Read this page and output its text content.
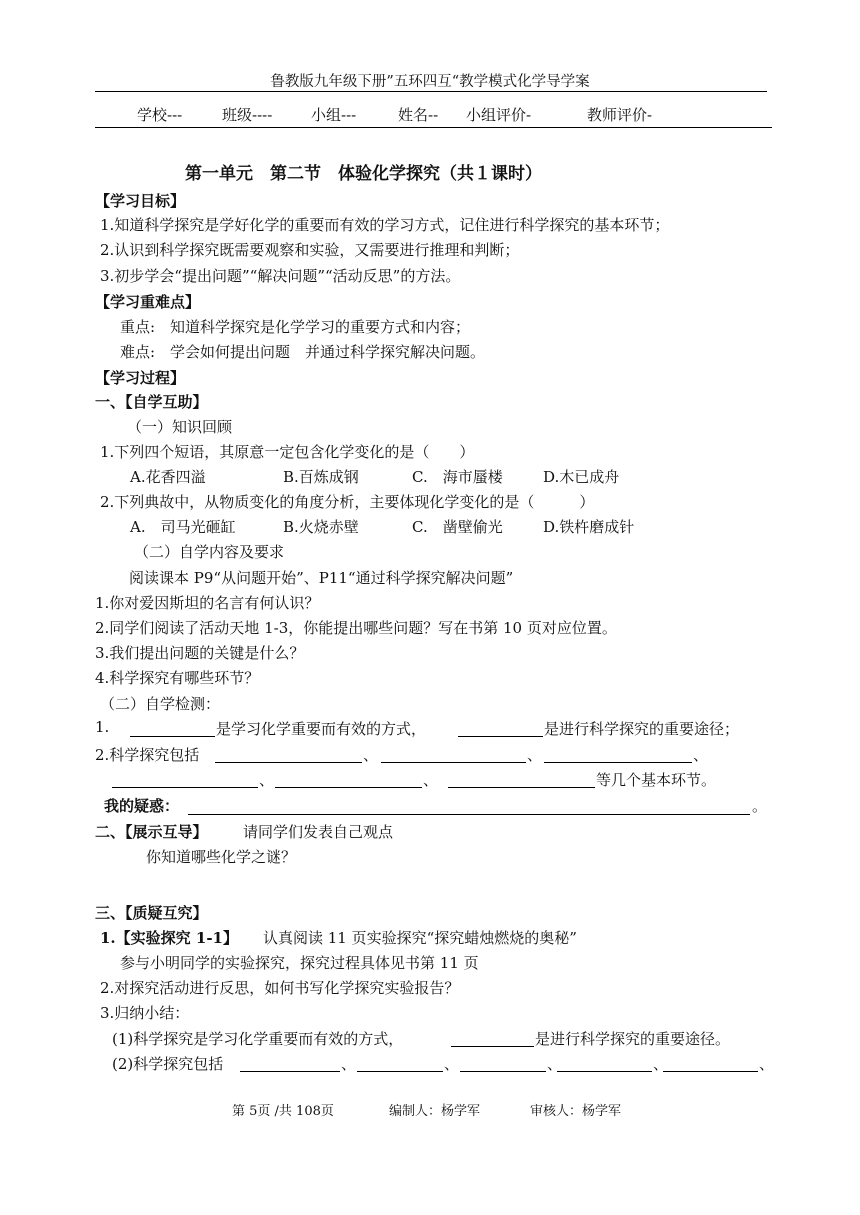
鲁教版九年级下册”五环四互“教学模式化学导学案
学校---	班级----	小组---	姓名-- 小组评价-	教师评价-
第一单元　第二节　体验化学探究（共１课时）
【学习目标】
1.知道科学探究是学好化学的重要而有效的学习方式，记住进行科学探究的基本环节；
2.认识到科学探究既需要观察和实验，又需要进行推理和判断；
3.初步学会“提出问题”“解决问题”“活动反思”的方法。
【学习重难点】
重点:　知道科学探究是化学学习的重要方式和内容；
难点:　学会如何提出问题　并通过科学探究解决问题。
【学习过程】
一、【自学互助】
（一）知识回顾
1.下列四个短语，其原意一定包含化学变化的是（　　）
A.花香四溢	B.百炼成钢	C.　海市蜃楼	D.木已成舟
2.下列典故中，从物质变化的角度分析，主要体现化学变化的是（　　　）
A.　司马光砸缸	B.火烧赤壁	C.　凿壁偷光	D.铁杵磨成针
（二）自学内容及要求
阅读课本 P9“从问题开始”、P11“通过科学探究解决问题”
1.你对爱因斯坦的名言有何认识？
2.同学们阅读了活动天地 1-3，你能提出哪些问题？写在书第 10 页对应位置。
3.我们提出问题的关键是什么？
4.科学探究有哪些环节？
（二）自学检测：
1.	是学习化学重要而有效的方式，	是进行科学探究的重要途径；
2.科学探究包括	、	、	、
、	、	等几个基本环节。
我的疑惑：	。
二、【展示互导】 请同学们发表自己观点
你知道哪些化学之谜？
三、【质疑互究】
1.【实验探究 1-1】 认真阅读 11 页实验探究“探究蜡烛燃烧的奥秘”
参与小明同学的实验探究，探究过程具体见书第 11 页
2.对探究活动进行反思，如何书写化学探究实验报告？
3.归纳小结：
(1)科学探究是学习化学重要而有效的方式，	是进行科学探究的重要途径。
(2)科学探究包括	、	、	、	、	、
第 5页 /共 108页	编制人：杨学军	审核人：杨学军
